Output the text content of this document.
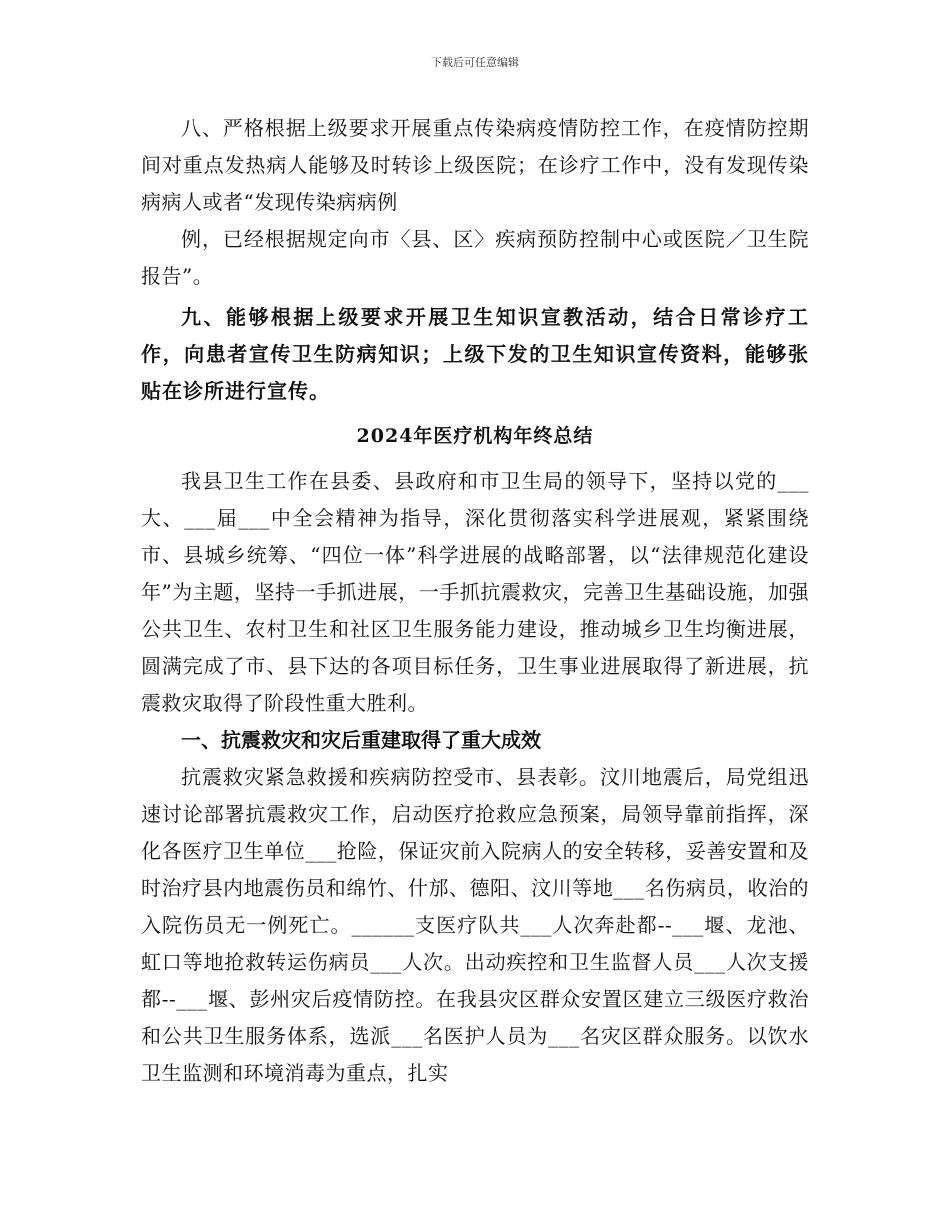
下载后可任意编辑

八、严格根据上级要求开展重点传染病疫情防控工作，在疫情防控期间对重点发热病人能够及时转诊上级医院；在诊疗工作中，没有发现传染病病人或者“发现传染病病例

例，已经根据规定向市〈县、区〉疾病预防控制中心或医院／卫生院报告”。

九、能够根据上级要求开展卫生知识宣教活动，结合日常诊疗工作，向患者宣传卫生防病知识；上级下发的卫生知识宣传资料，能够张贴在诊所进行宣传。

2024年医疗机构年终总结

我县卫生工作在县委、县政府和市卫生局的领导下，坚持以党的___大、___届___中全会精神为指导，深化贯彻落实科学进展观，紧紧围绕市、县城乡统筹、“四位一体”科学进展的战略部署，以“法律规范化建设年”为主题，坚持一手抓进展，一手抓抗震救灾，完善卫生基础设施，加强公共卫生、农村卫生和社区卫生服务能力建设，推动城乡卫生均衡进展，圆满完成了市、县下达的各项目标任务，卫生事业进展取得了新进展，抗震救灾取得了阶段性重大胜利。

一、抗震救灾和灾后重建取得了重大成效

抗震救灾紧急救援和疾病防控受市、县表彰。汶川地震后，局党组迅速讨论部署抗震救灾工作，启动医疗抢救应急预案，局领导靠前指挥，深化各医疗卫生单位___抢险，保证灾前入院病人的安全转移，妥善安置和及时治疗县内地震伤员和绵竹、什邡、德阳、汶川等地___名伤病员，收治的入院伤员无一例死亡。______支医疗队共___人次奔赴都--___堰、龙池、虹口等地抢救转运伤病员___人次。出动疾控和卫生监督人员___人次支援都--___堰、彭州灾后疫情防控。在我县灾区群众安置区建立三级医疗救治和公共卫生服务体系，选派___名医护人员为___名灾区群众服务。以饮水卫生监测和环境消毒为重点，扎实
